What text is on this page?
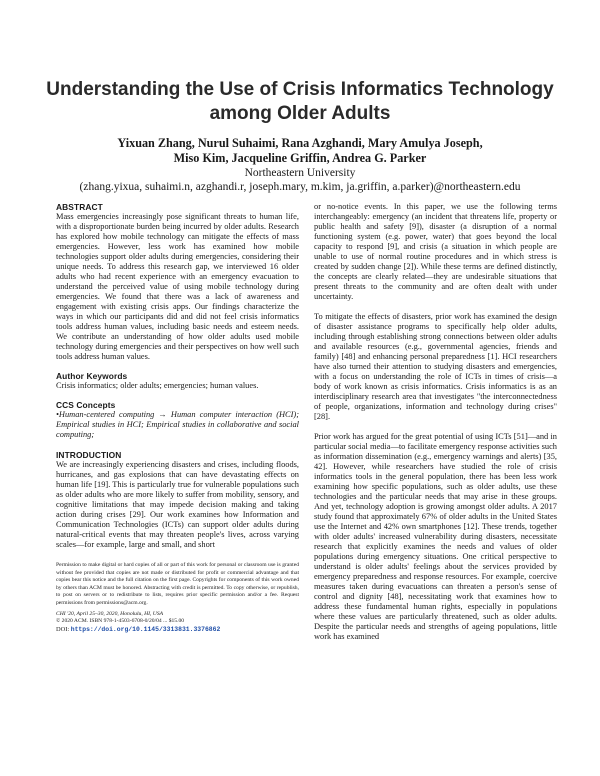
Understanding the Use of Crisis Informatics Technology
among Older Adults
Yixuan Zhang, Nurul Suhaimi, Rana Azghandi, Mary Amulya Joseph,
Miso Kim, Jacqueline Griffin, Andrea G. Parker
Northeastern University
(zhang.yixua, suhaimi.n, azghandi.r, joseph.mary, m.kim, ja.griffin, a.parker)@northeastern.edu

ABSTRACT

Mass emergencies increasingly pose significant threats to human life, with a disproportionate burden being incurred by older adults. Research has explored how mobile technology can mitigate the effects of mass emergencies. However, less work has examined how mobile technologies support older adults during emergencies, considering their unique needs. To address this research gap, we interviewed 16 older adults who had recent experience with an emergency evacuation to understand the perceived value of using mobile technology during emergencies. We found that there was a lack of awareness and engagement with existing crisis apps. Our findings characterize the ways in which our participants did and did not feel crisis informatics tools address human values, including basic needs and esteem needs. We contribute an understanding of how older adults used mobile technology during emergencies and their perspectives on how well such tools address human values.

Author Keywords

Crisis informatics; older adults; emergencies; human values.

CCS Concepts

•Human-centered computing → Human computer interaction (HCI); Empirical studies in HCI; Empirical studies in collaborative and social computing;

INTRODUCTION

We are increasingly experiencing disasters and crises, including floods, hurricanes, and gas explosions that can have devastating effects on human life [19]. This is particularly true for vulnerable populations such as older adults who are more likely to suffer from mobility, sensory, and cognitive limitations that may impede decision making and taking action during crises [29]. Our work examines how Information and Communication Technologies (ICTs) can support older adults during natural-critical events that may threaten people's lives, across varying scales—for example, large and small, and short

Permission to make digital or hard copies of all or part of this work for personal or classroom use is granted without fee provided that copies are not made or distributed for profit or commercial advantage and that copies bear this notice and the full citation on the first page. Copyrights for components of this work owned by others than ACM must be honored. Abstracting with credit is permitted. To copy otherwise, or republish, to post on servers or to redistribute to lists, requires prior specific permission and/or a fee. Request permissions from permissions@acm.org.

CHI '20, April 25–30, 2020, Honolulu, HI, USA

© 2020 ACM. ISBN 978-1-4503-6708-0/20/04 ... $15.00

DOI: https://doi.org/10.1145/3313831.3376862

or no-notice events. In this paper, we use the following terms interchangeably: emergency (an incident that threatens life, property or public health and safety [9]), disaster (a disruption of a normal functioning system (e.g. power, water) that goes beyond the local capacity to respond [9], and crisis (a situation in which people are unable to use of normal routine procedures and in which stress is created by sudden change [2]). While these terms are defined distinctly, the concepts are clearly related—they are undesirable situations that present threats to the community and are often dealt with under uncertainty.

To mitigate the effects of disasters, prior work has examined the design of disaster assistance programs to specifically help older adults, including through establishing strong connections between older adults and available resources (e.g., governmental agencies, friends and family) [48] and enhancing personal preparedness [1]. HCI researchers have also turned their attention to studying disasters and emergencies, with a focus on understanding the role of ICTs in times of crisis—a body of work known as crisis informatics. Crisis informatics is as an interdisciplinary research area that investigates "the interconnectedness of people, organizations, information and technology during crises" [28].

Prior work has argued for the great potential of using ICTs [51]—and in particular social media—to facilitate emergency response activities such as information dissemination (e.g., emergency warnings and alerts) [35, 42]. However, while researchers have studied the role of crisis informatics tools in the general population, there has been less work examining how specific populations, such as older adults, use these technologies and the particular needs that may arise in these groups. And yet, technology adoption is growing amongst older adults. A 2017 study found that approximately 67% of older adults in the United States use the Internet and 42% own smartphones [12]. These trends, together with older adults' increased vulnerability during disasters, necessitate research that explicitly examines the needs and values of older populations during emergency situations. One critical perspective to understand is older adults' feelings about the services provided by emergency preparedness and response resources. For example, coercive measures taken during evacuations can threaten a person's sense of control and dignity [48], necessitating work that examines how to address these fundamental human rights, especially in populations where these values are particularly threatened, such as older adults. Despite the particular needs and strengths of ageing populations, little work has examined
